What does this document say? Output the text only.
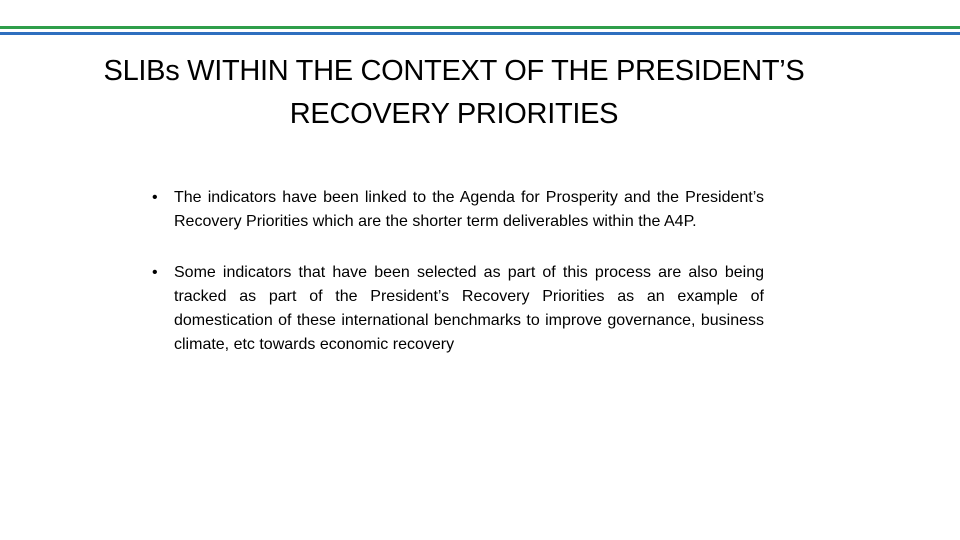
SLIBs WITHIN THE CONTEXT OF THE PRESIDENT’S
RECOVERY PRIORITIES
• The indicators have been linked to the Agenda for Prosperity and the President’s Recovery Priorities which are the shorter term deliverables within the A4P.
• Some indicators that have been selected as part of this process are also being tracked as part of the President’s Recovery Priorities as an example of domestication of these international benchmarks to improve governance, business climate, etc towards economic recovery
